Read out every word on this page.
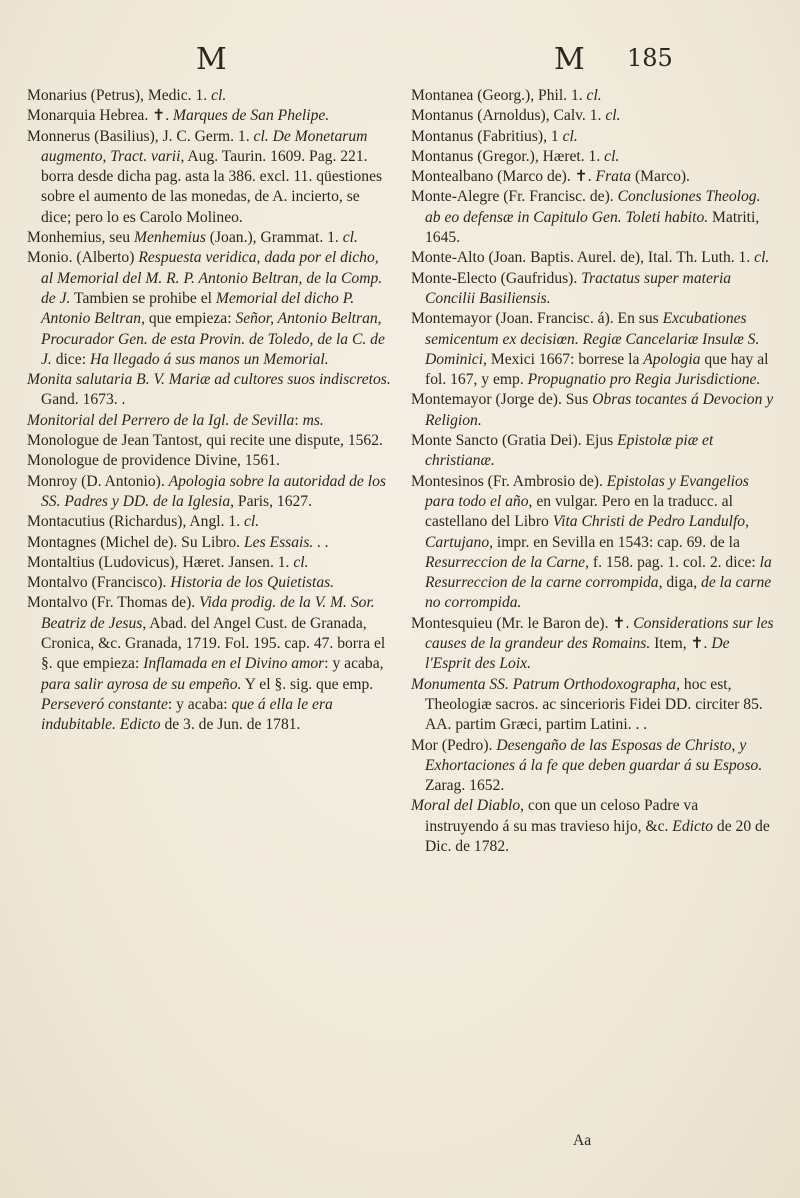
M	M 185

Monarius (Petrus), Medic. 1. cl.

Monarquia Hebrea. ✝. Marques de San Phelipe.

Monnerus (Basilius), J. C. Germ. 1. cl. De Monetarum augmento, Tract. varii, Aug. Taurin. 1609. Pag. 221. borra desde dicha pag. asta la 386. excl. 11. qüestiones sobre el aumento de las monedas, de A. incierto, se dice; pero lo es Carolo Molineo.

Monhemius, seu Menhemius (Joan.), Grammat. 1. cl.

Monio. (Alberto) Respuesta veridica, dada por el dicho, al Memorial del M. R. P. Antonio Beltran, de la Comp. de J. Tambien se prohibe el Memorial del dicho P. Antonio Beltran, que empieza: Señor, Antonio Beltran, Procurador Gen. de esta Provin. de Toledo, de la C. de J. dice: Ha llegado á sus manos un Memorial.

Monita salutaria B. V. Mariæ ad cultores suos indiscretos. Gand. 1673. .

Monitorial del Perrero de la Igl. de Sevilla: ms.

Monologue de Jean Tantost, qui recite une dispute, 1562.

Monologue de providence Divine, 1561.

Monroy (D. Antonio). Apologia sobre la autoridad de los SS. Padres y DD. de la Iglesia, Paris, 1627.

Montacutius (Richardus), Angl. 1. cl.

Montagnes (Michel de). Su Libro. Les Essais. . .

Montaltius (Ludovicus), Hæret. Jansen. 1. cl.

Montalvo (Francisco). Historia de los Quietistas.

Montalvo (Fr. Thomas de). Vida prodig. de la V. M. Sor. Beatriz de Jesus, Abad. del Angel Cust. de Granada, Cronica, &c. Granada, 1719. Fol. 195. cap. 47. borra el §. que empieza: Inflamada en el Divino amor: y acaba, para salir ayrosa de su empeño. Y el §. sig. que emp. Perseveró constante: y acaba: que á ella le era indubitable. Edicto de 3. de Jun. de 1781.

Montanea (Georg.), Phil. 1. cl.

Montanus (Arnoldus), Calv. 1. cl.

Montanus (Fabritius), 1 cl.

Montanus (Gregor.), Hæret. 1. cl.

Montealbano (Marco de). ✝. Frata (Marco).

Monte-Alegre (Fr. Francisc. de). Conclusiones Theolog. ab eo defensæ in Capitulo Gen. Toleti habito. Matriti, 1645.

Monte-Alto (Joan. Baptis. Aurel. de), Ital. Th. Luth. 1. cl.

Monte-Electo (Gaufridus). Tractatus super materia Concilii Basiliensis.

Montemayor (Joan. Francisc. á). En sus Excubationes semicentum ex decisiœn. Regiæ Cancelariæ Insulæ S. Dominici, Mexici 1667: borrese la Apologia que hay al fol. 167, y emp. Propugnatio pro Regia Jurisdictione.

Montemayor (Jorge de). Sus Obras tocantes á Devocion y Religion.

Monte Sancto (Gratia Dei). Ejus Epistolæ piæ et christianæ.

Montesinos (Fr. Ambrosio de). Epistolas y Evangelios para todo el año, en vulgar. Pero en la traducc. al castellano del Libro Vita Christi de Pedro Landulfo, Cartujano, impr. en Sevilla en 1543: cap. 69. de la Resurreccion de la Carne, f. 158. pag. 1. col. 2. dice: la Resurreccion de la carne corrompida, diga, de la carne no corrompida.

Montesquieu (Mr. le Baron de). ✝. Considerations sur les causes de la grandeur des Romains. Item, ✝. De l'Esprit des Loix.

Monumenta SS. Patrum Orthodoxographa, hoc est, Theologiæ sacros. ac sincerioris Fidei DD. circiter 85. AA. partim Græci, partim Latini. . .

Mor (Pedro). Desengaño de las Esposas de Christo, y Exhortaciones á la fe que deben guardar á su Esposo. Zarag. 1652.

Moral del Diablo, con que un celoso Padre va instruyendo á su mas travieso hijo, &c. Edicto de 20 de Dic. de 1782.

Aa
